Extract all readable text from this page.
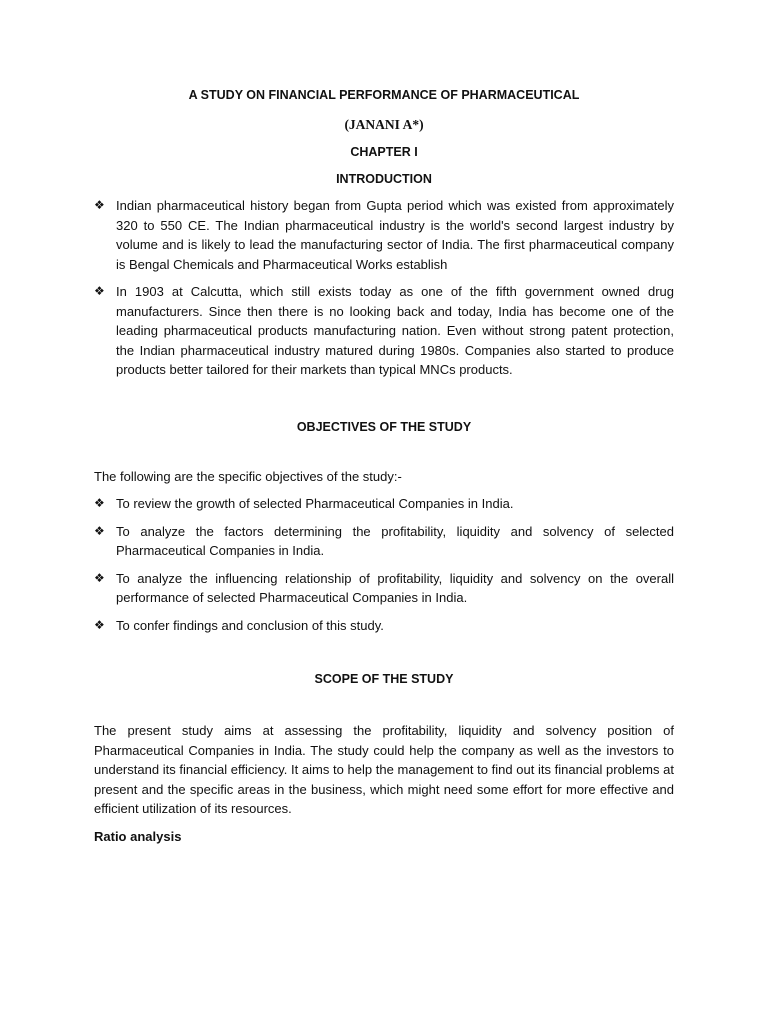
A STUDY ON FINANCIAL PERFORMANCE OF PHARMACEUTICAL

(JANANI A*)

CHAPTER I

INTRODUCTION

❖ Indian pharmaceutical history began from Gupta period which was existed from approximately 320 to 550 CE. The Indian pharmaceutical industry is the world's second largest industry by volume and is likely to lead the manufacturing sector of India. The first pharmaceutical company is Bengal Chemicals and Pharmaceutical Works establish
❖ In 1903 at Calcutta, which still exists today as one of the fifth government owned drug manufacturers. Since then there is no looking back and today, India has become one of the leading pharmaceutical products manufacturing nation. Even without strong patent protection, the Indian pharmaceutical industry matured during 1980s. Companies also started to produce products better tailored for their markets than typical MNCs products.

OBJECTIVES OF THE STUDY

The following are the specific objectives of the study:-

❖ To review the growth of selected Pharmaceutical Companies in India.
❖ To analyze the factors determining the profitability, liquidity and solvency of selected Pharmaceutical Companies in India.
❖ To analyze the influencing relationship of profitability, liquidity and solvency on the overall performance of selected Pharmaceutical Companies in India.
❖ To confer findings and conclusion of this study.

SCOPE OF THE STUDY

The present study aims at assessing the profitability, liquidity and solvency position of Pharmaceutical Companies in India. The study could help the company as well as the investors to understand its financial efficiency. It aims to help the management to find out its financial problems at present and the specific areas in the business, which might need some effort for more effective and efficient utilization of its resources.

Ratio analysis
